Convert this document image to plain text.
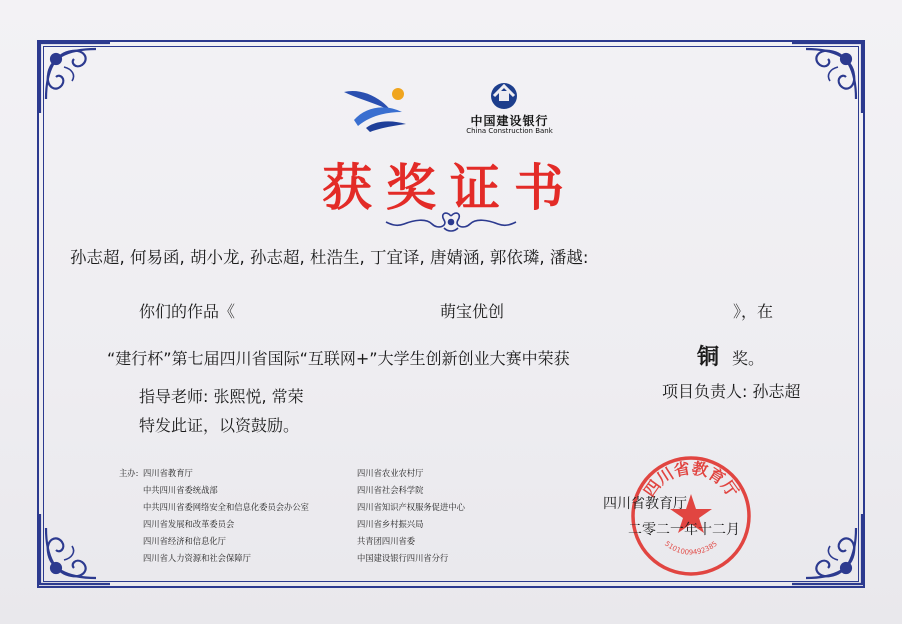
中国建设银行
China Construction Bank
获奖证书
孙志超, 何易函, 胡小龙, 孙志超, 杜浩生, 丁宜译, 唐婧涵, 郭依璘, 潘越:
你们的作品《	萌宝优创	》，在
“建行杯”第七届四川省国际“互联网+”大学生创新创业大赛中荣获	铜 奖。
指导老师: 张熙悦, 常荣	项目负责人: 孙志超
特发此证，以资鼓励。
主办: 四川省教育厅
中共四川省委统战部
中共四川省委网络安全和信息化委员会办公室
四川省发展和改革委员会
四川省经济和信息化厅
四川省人力资源和社会保障厅
四川省农业农村厅
四川省社会科学院
四川省知识产权服务促进中心
四川省乡村振兴局
共青团四川省委
中国建设银行四川省分行
四川省教育厅
5101009492385
四川省教育厅
二零二一年十二月
